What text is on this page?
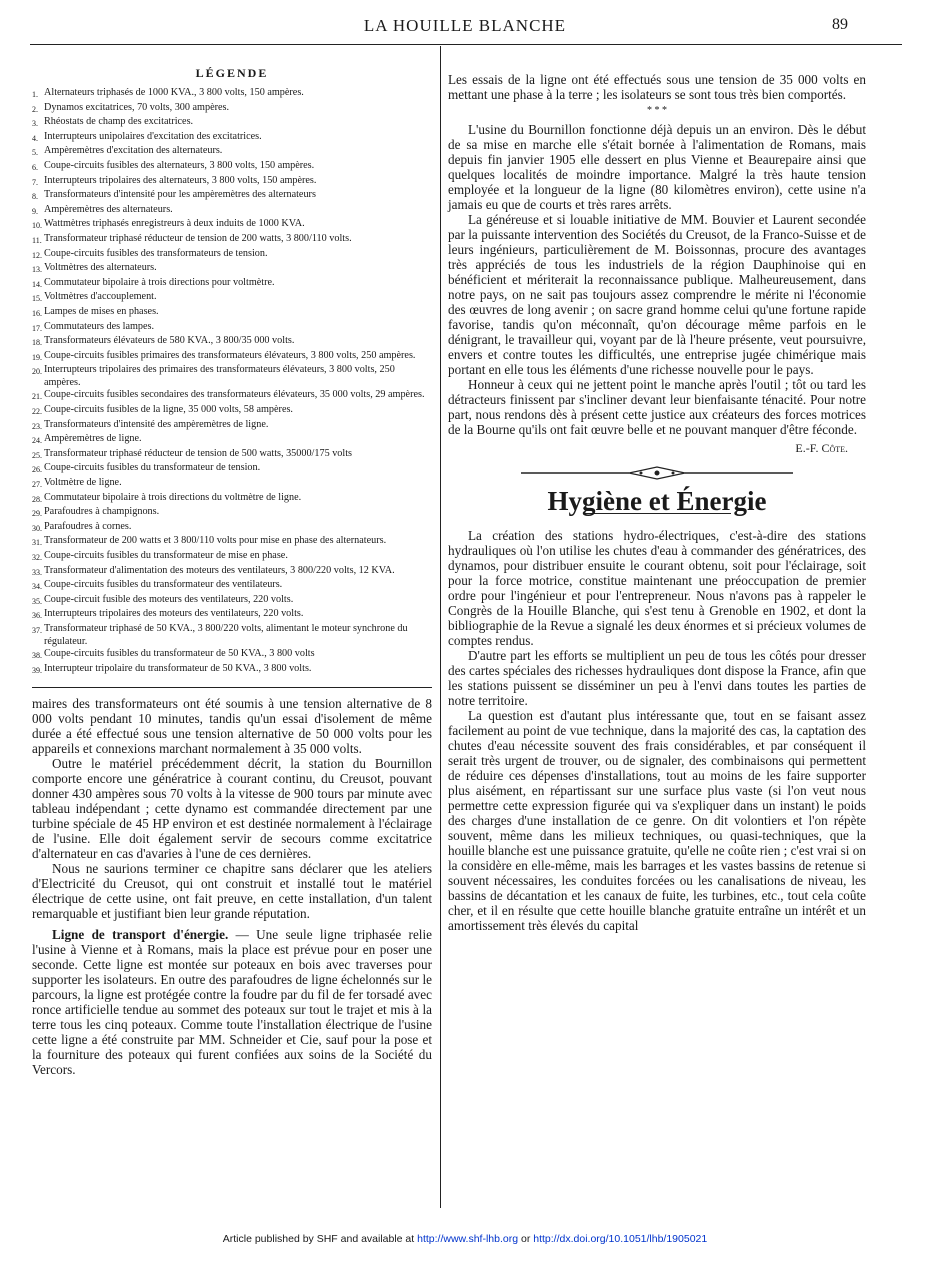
LA HOUILLE BLANCHE	89
LÉGENDE
1. Alternateurs triphasés de 1000 KVA., 3 800 volts, 150 ampères.
2. Dynamos excitatrices, 70 volts, 300 ampères.
3. Rhéostats de champ des excitatrices.
4. Interrupteurs unipolaires d'excitation des excitatrices.
5. Ampèremètres d'excitation des alternateurs.
6. Coupe-circuits fusibles des alternateurs, 3 800 volts, 150 ampères.
7. Interrupteurs tripolaires des alternateurs, 3 800 volts, 150 ampères.
8. Transformateurs d'intensité pour les ampèremètres des alternateurs
9. Ampèremètres des alternateurs.
10. Wattmètres triphasés enregistreurs à deux induits de 1000 KVA.
11. Transformateur triphasé réducteur de tension de 200 watts, 3 800/110 volts.
12. Coupe-circuits fusibles des transformateurs de tension.
13. Voltmètres des alternateurs.
14. Commutateur bipolaire à trois directions pour voltmètre.
15. Voltmètres d'accouplement.
16. Lampes de mises en phases.
17. Commutateurs des lampes.
18. Transformateurs élévateurs de 580 KVA., 3 800/35 000 volts.
19. Coupe-circuits fusibles primaires des transformateurs élévateurs, 3 800 volts, 250 ampères.
20. Interrupteurs tripolaires des primaires des transformateurs élévateurs, 3 800 volts, 250 ampères.
21. Coupe-circuits fusibles secondaires des transformateurs élévateurs, 35 000 volts, 29 ampères.
22. Coupe-circuits fusibles de la ligne, 35 000 volts, 58 ampères.
23. Transformateurs d'intensité des ampèremètres de ligne.
24. Ampèremètres de ligne.
25. Transformateur triphasé réducteur de tension de 500 watts, 35000/175 volts
26. Coupe-circuits fusibles du transformateur de tension.
27. Voltmètre de ligne.
28. Commutateur bipolaire à trois directions du voltmètre de ligne.
29. Parafoudres à champignons.
30. Parafoudres à cornes.
31. Transformateur de 200 watts et 3 800/110 volts pour mise en phase des alternateurs.
32. Coupe-circuits fusibles du transformateur de mise en phase.
33. Transformateur d'alimentation des moteurs des ventilateurs, 3 800/220 volts, 12 KVA.
34. Coupe-circuits fusibles du transformateur des ventilateurs.
35. Coupe-circuit fusible des moteurs des ventilateurs, 220 volts.
36. Interrupteurs tripolaires des moteurs des ventilateurs, 220 volts.
37. Transformateur triphasé de 50 KVA., 3 800/220 volts, alimentant le moteur synchrone du régulateur.
38. Coupe-circuits fusibles du transformateur de 50 KVA., 3 800 volts
39. Interrupteur tripolaire du transformateur de 50 KVA., 3 800 volts.

maires des transformateurs ont été soumis à une tension alternative de 8 000 volts pendant 10 minutes, tandis qu'un essai d'isolement de même durée a été effectué sous une tension alternative de 50 000 volts pour les appareils et connexions marchant normalement à 35 000 volts.

Outre le matériel précédemment décrit, la station du Bournillon comporte encore une génératrice à courant continu, du Creusot, pouvant donner 430 ampères sous 70 volts à la vitesse de 900 tours par minute avec tableau indépendant ; cette dynamo est commandée directement par une turbine spéciale de 45 HP environ et est destinée normalement à l'éclairage de l'usine. Elle doit également servir de secours comme excitatrice d'alternateur en cas d'avaries à l'une de ces dernières.

Nous ne saurions terminer ce chapitre sans déclarer que les ateliers d'Electricité du Creusot, qui ont construit et installé tout le matériel électrique de cette usine, ont fait preuve, en cette installation, d'un talent remarquable et justifiant bien leur grande réputation.

Ligne de transport d'énergie. — Une seule ligne triphasée relie l'usine à Vienne et à Romans, mais la place est prévue pour en poser une seconde. Cette ligne est montée sur poteaux en bois avec traverses pour supporter les isolateurs. En outre des parafoudres de ligne échelonnés sur le parcours, la ligne est protégée contre la foudre par du fil de fer torsadé avec ronce artificielle tendue au sommet des poteaux sur tout le trajet et mis à la terre tous les cinq poteaux. Comme toute l'installation électrique de l'usine cette ligne a été construite par MM. Schneider et Cie, sauf pour la pose et la fourniture des poteaux qui furent confiées aux soins de la Société du Vercors.

Les essais de la ligne ont été effectués sous une tension de 35 000 volts en mettant une phase à la terre ; les isolateurs se sont tous très bien comportés.

* * *

L'usine du Bournillon fonctionne déjà depuis un an environ. Dès le début de sa mise en marche elle s'était bornée à l'alimentation de Romans, mais depuis fin janvier 1905 elle dessert en plus Vienne et Beaurepaire ainsi que quelques localités de moindre importance. Malgré la très haute tension employée et la longueur de la ligne (80 kilomètres environ), cette usine n'a jamais eu que de courts et très rares arrêts.

La généreuse et si louable initiative de MM. Bouvier et Laurent secondée par la puissante intervention des Sociétés du Creusot, de la Franco-Suisse et de leurs ingénieurs, particulièrement de M. Boissonnas, procure des avantages très appréciés de tous les industriels de la région Dauphinoise qui en bénéficient et mériterait la reconnaissance publique. Malheureusement, dans notre pays, on ne sait pas toujours assez comprendre le mérite ni l'économie des œuvres de long avenir ; on sacre grand homme celui qu'une fortune rapide favorise, tandis qu'on méconnaît, qu'on décourage même parfois en le dénigrant, le travailleur qui, voyant par de là l'heure présente, veut poursuivre, envers et contre toutes les difficultés, une entreprise jugée chimérique mais portant en elle tous les éléments d'une richesse nouvelle pour le pays.

Honneur à ceux qui ne jettent point le manche après l'outil ; tôt ou tard les détracteurs finissent par s'incliner devant leur bienfaisante ténacité. Pour notre part, nous rendons dès à présent cette justice aux créateurs des forces motrices de la Bourne qu'ils ont fait œuvre belle et ne pouvant manquer d'être féconde.

E.-F. Côte.
Hygiène et Énergie

La création des stations hydro-électriques, c'est-à-dire des stations hydrauliques où l'on utilise les chutes d'eau à commander des génératrices, des dynamos, pour distribuer ensuite le courant obtenu, soit pour l'éclairage, soit pour la force motrice, constitue maintenant une préoccupation de premier ordre pour l'ingénieur et pour l'entrepreneur. Nous n'avons pas à rappeler le Congrès de la Houille Blanche, qui s'est tenu à Grenoble en 1902, et dont la bibliographie de la Revue a signalé les deux énormes et si précieux volumes de comptes rendus.

D'autre part les efforts se multiplient un peu de tous les côtés pour dresser des cartes spéciales des richesses hydrauliques dont dispose la France, afin que les stations puissent se disséminer un peu à l'envi dans toutes les parties de notre territoire.

La question est d'autant plus intéressante que, tout en se faisant assez facilement au point de vue technique, dans la majorité des cas, la captation des chutes d'eau nécessite souvent des frais considérables, et par conséquent il serait très urgent de trouver, ou de signaler, des combinaisons qui permettent de réduire ces dépenses d'installations, tout au moins de les faire supporter plus aisément, en répartissant sur une surface plus vaste (si l'on veut nous permettre cette expression figurée qui va s'expliquer dans un instant) le poids des charges d'une installation de ce genre. On dit volontiers et l'on répète souvent, même dans les milieux techniques, ou quasi-techniques, que la houille blanche est une puissance gratuite, qu'elle ne coûte rien ; c'est vrai si on la considère en elle-même, mais les barrages et les vastes bassins de retenue si souvent nécessaires, les conduites forcées ou les canalisations de niveau, les bassins de décantation et les canaux de fuite, les turbines, etc., tout cela coûte cher, et il en résulte que cette houille blanche gratuite entraîne un intérêt et un amortissement très élevés du capital

Article published by SHF and available at http://www.shf-lhb.org or http://dx.doi.org/10.1051/lhb/1905021
